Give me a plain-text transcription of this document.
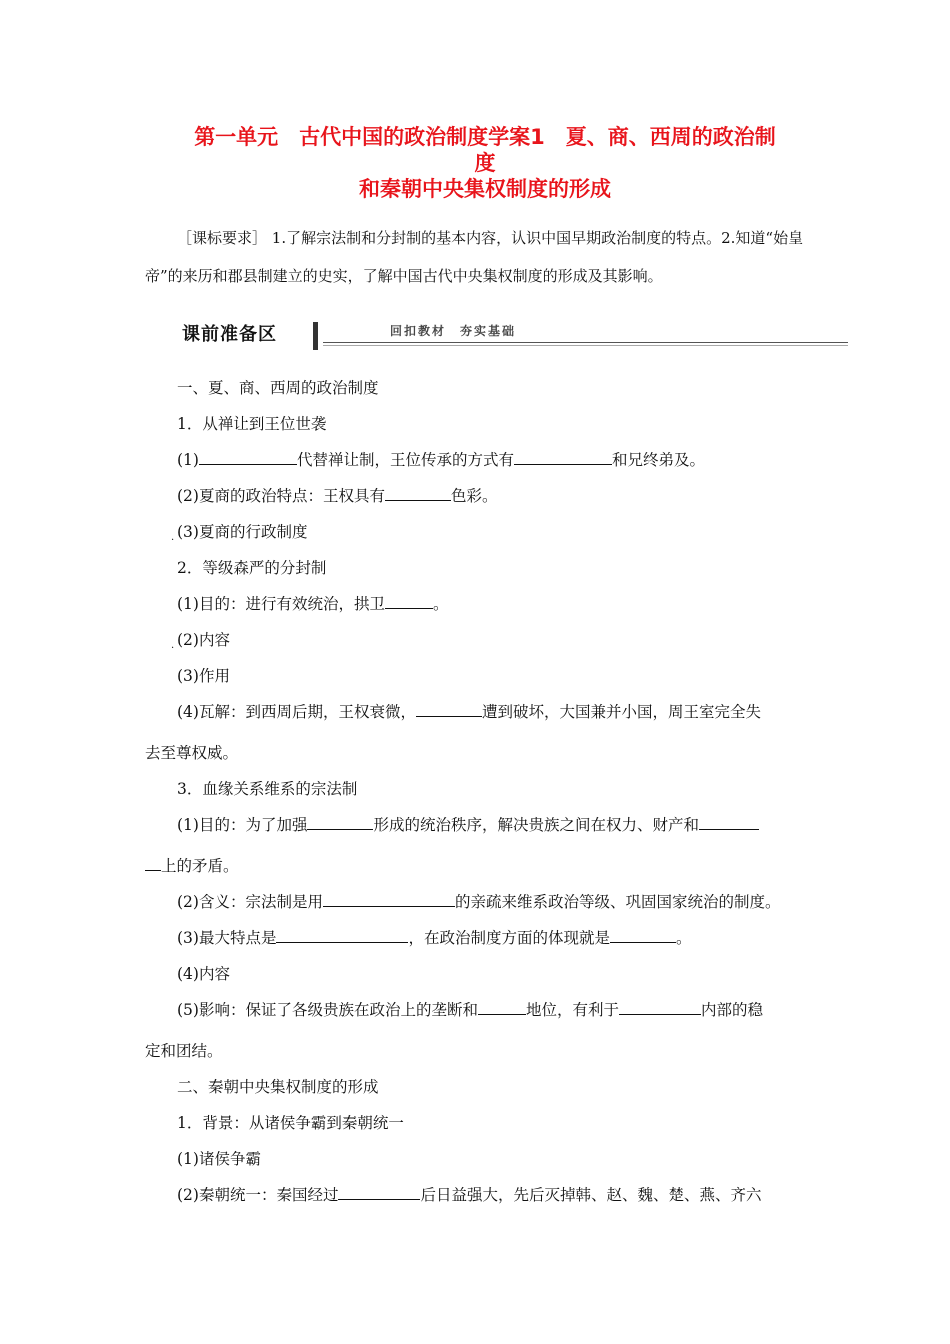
第一单元　古代中国的政治制度学案1　夏、商、西周的政治制
度
和秦朝中央集权制度的形成
［课标要求］ 1.了解宗法制和分封制的基本内容，认识中国早期政治制度的特点。2.知道“始皇帝”的来历和郡县制建立的史实，了解中国古代中央集权制度的形成及其影响。
课前准备区	回扣教材　夯实基础
一、夏、商、西周的政治制度
1．从禅让到王位世袭
(1)	代替禅让制，王位传承的方式有	和兄终弟及。
(2)夏商的政治特点：王权具有	色彩。
. (3)夏商的行政制度
2．等级森严的分封制
(1)目的：进行有效统治，拱卫	。
. (2)内容
(3)作用
(4)瓦解：到西周后期，王权衰微，	遭到破坏，大国兼并小国，周王室完全失
去至尊权威。
3．血缘关系维系的宗法制
(1)目的：为了加强	形成的统治秩序，解决贵族之间在权力、财产和
上的矛盾。
(2)含义：宗法制是用	的亲疏来维系政治等级、巩固国家统治的制度。
(3)最大特点是	，在政治制度方面的体现就是	。
(4)内容
(5)影响：保证了各级贵族在政治上的垄断和	地位，有利于	内部的稳
定和团结。
二、秦朝中央集权制度的形成
1．背景：从诸侯争霸到秦朝统一
(1)诸侯争霸
(2)秦朝统一：秦国经过	后日益强大，先后灭掉韩、赵、魏、楚、燕、齐六
